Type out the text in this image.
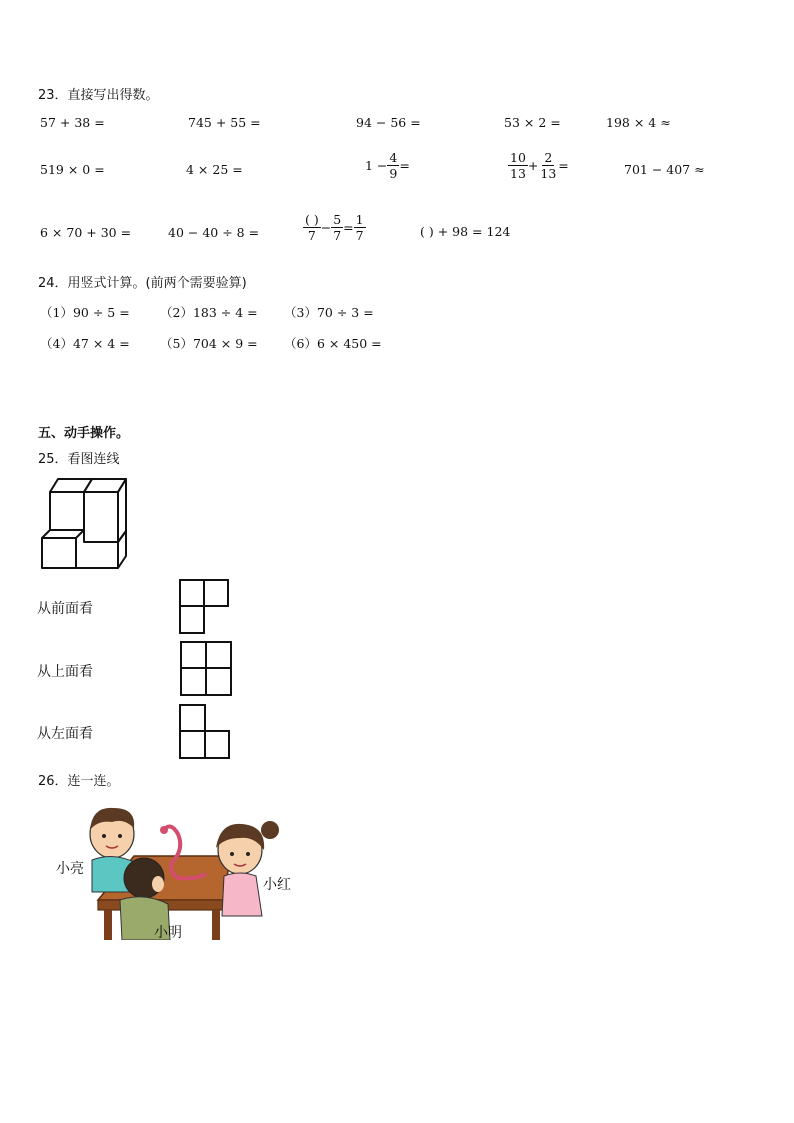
23．直接写出得数。
57 + 38 =	745 + 55 =	94 − 56 =	53 × 2 =	198 × 4 ≈
519 × 0 =	4 × 25 =	$1 - \frac{4}{9}$ =	$\frac{10}{13} + \frac{2}{13}$ =	701 − 407 ≈
6 × 70 + 30 =	40 − 40 ÷ 8 =	$\frac{( )}{7} - \frac{5}{7} = \frac{1}{7}$	( ) + 98 = 124
24．用竖式计算。(前两个需要验算)
（1）90 ÷ 5 = （2）183 ÷ 4 = （3）70 ÷ 3 =
（4）47 × 4 = （5）704 × 9 = （6）6 × 450 =
五、动手操作。
25．看图连线
从前面看
从上面看
从左面看
26．连一连。
小亮
小明
小红
